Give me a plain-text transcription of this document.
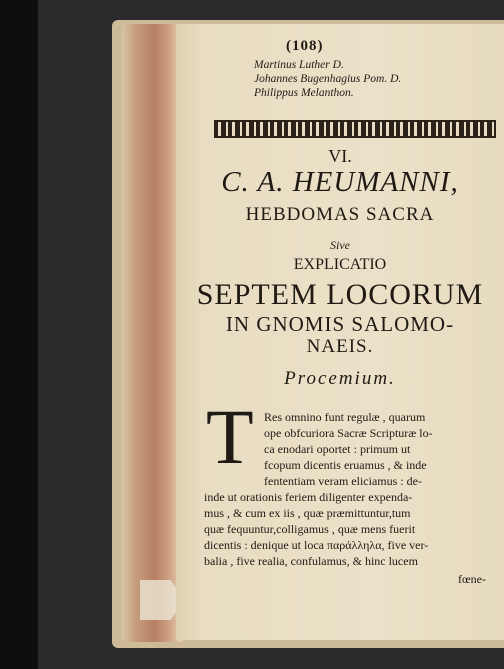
(108)
Martinus Luther D.
Johannes Bugenhagius Pom. D.
Philippus Melanthon.
VI.
C. A. HEUMANNI,
HEBDOMAS SACRA
Sive
EXPLICATIO
SEPTEM LOCORUM
IN GNOMIS SALOMO-
NAEIS.
Procemium.
T Res omnino funt regulæ , quarum
ope obfcuriora Sacræ Scripturæ lo-
ca enodari oportet : primum ut
fcopum dicentis eruamus , & inde
fententiam veram eliciamus : de-
inde ut orationis feriem diligenter expenda-
mus , & cum ex iis , quæ præmittuntur,tum
quæ fequuntur,colligamus , quæ mens fuerit
dicentis : denique ut loca παράλληλα, five ver-
balia , five realia, confulamus, & hinc lucem
fœne-
